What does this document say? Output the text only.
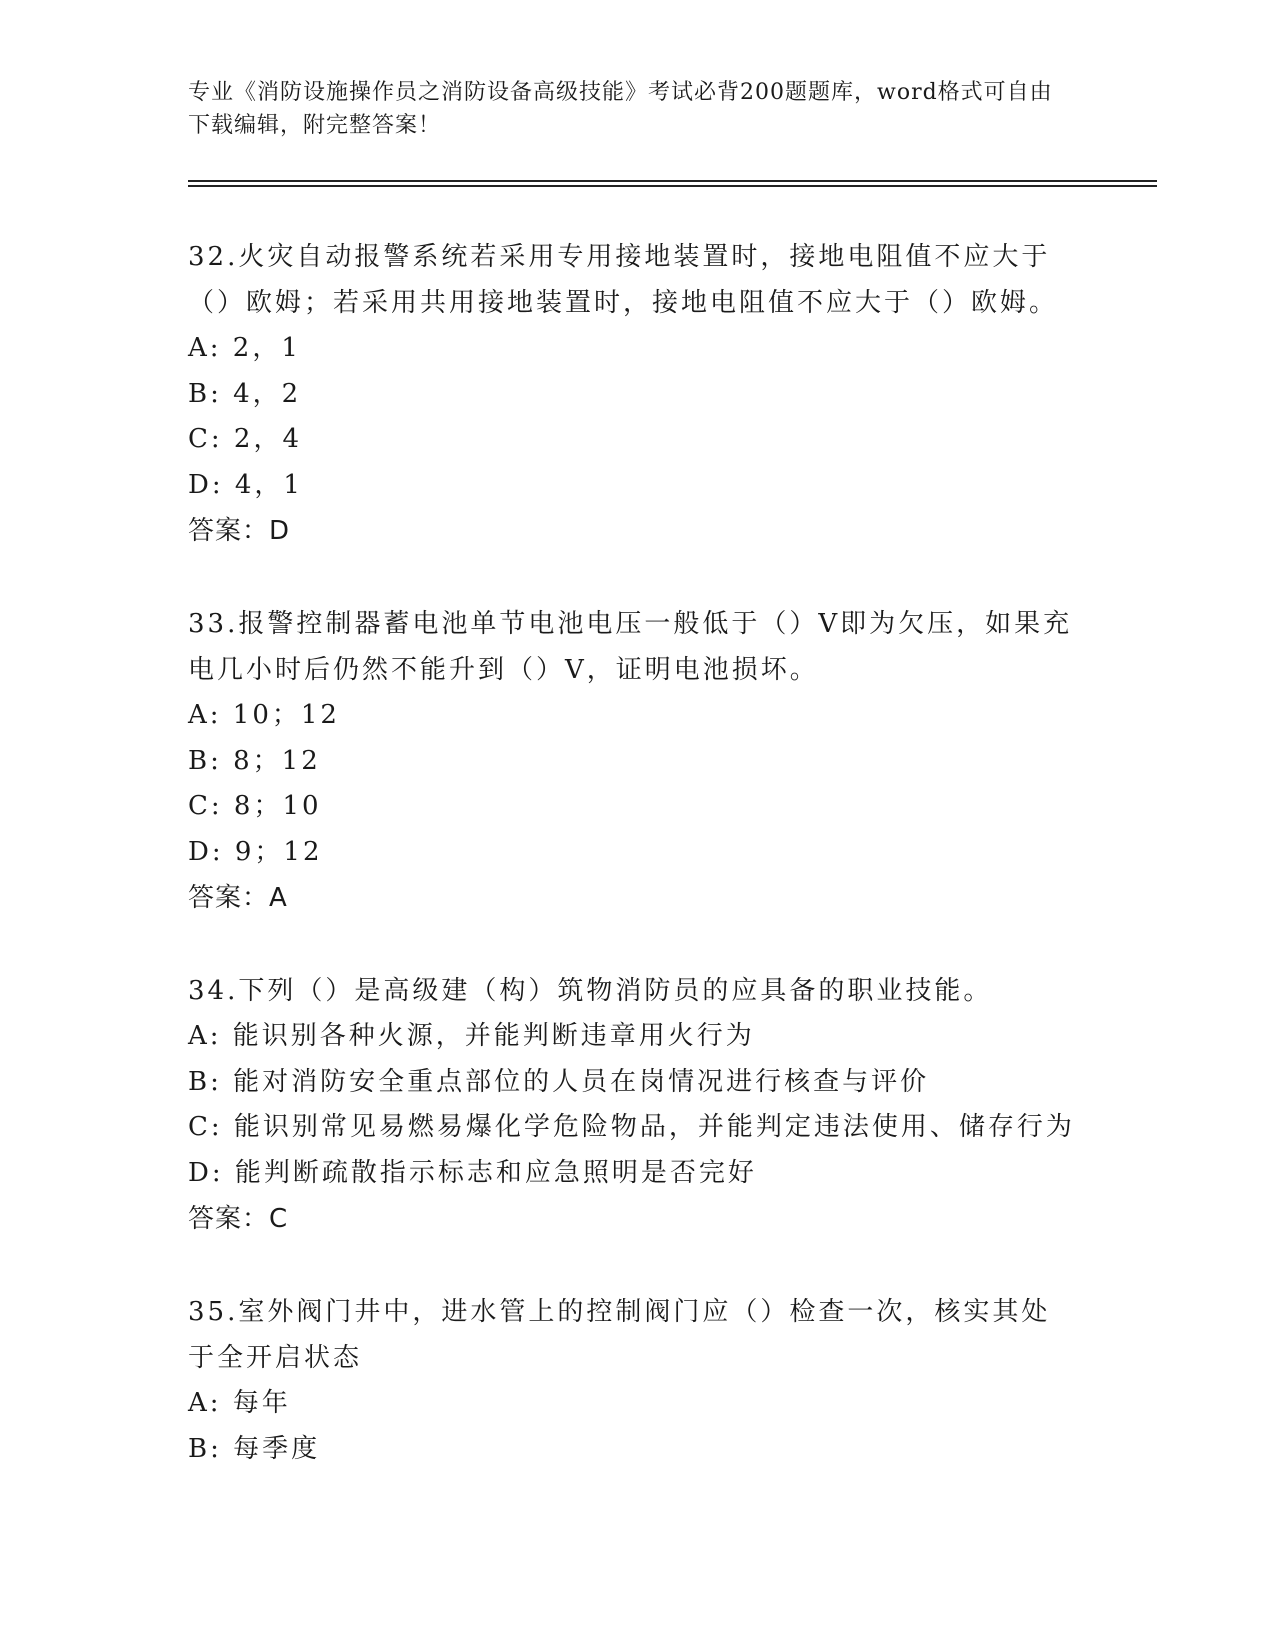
专业《消防设施操作员之消防设备高级技能》考试必背200题题库，word格式可自由下载编辑，附完整答案！
32.火灾自动报警系统若采用专用接地装置时，接地电阻值不应大于（）欧姆；若采用共用接地装置时，接地电阻值不应大于（）欧姆。
A: 2，1
B: 4，2
C: 2，4
D: 4，1
答案：D
33.报警控制器蓄电池单节电池电压一般低于（）V即为欠压，如果充电几小时后仍然不能升到（）V，证明电池损坏。
A: 10；12
B: 8；12
C: 8；10
D: 9；12
答案：A
34.下列（）是高级建（构）筑物消防员的应具备的职业技能。
A: 能识别各种火源，并能判断违章用火行为
B: 能对消防安全重点部位的人员在岗情况进行核查与评价
C: 能识别常见易燃易爆化学危险物品，并能判定违法使用、储存行为
D: 能判断疏散指示标志和应急照明是否完好
答案：C
35.室外阀门井中，进水管上的控制阀门应（）检查一次，核实其处于全开启状态
A: 每年
B: 每季度
